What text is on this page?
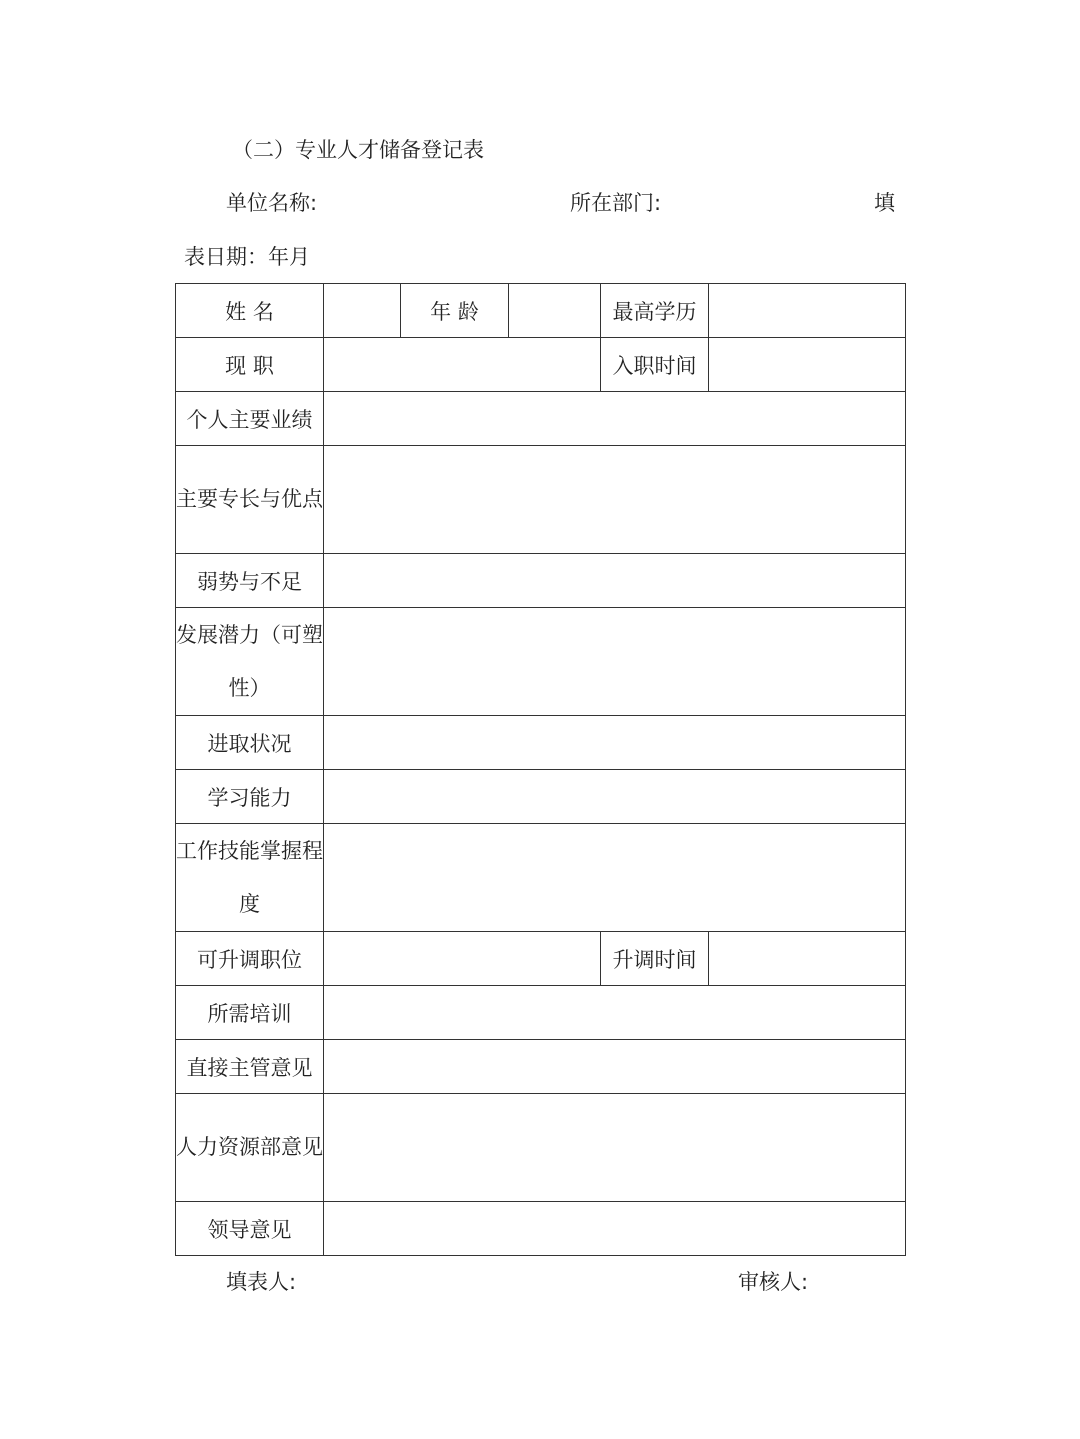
（二）专业人才储备登记表
单位名称:	所在部门:	填
表日期：年月
姓 名		年 龄		最高学历	
现 职				入职时间	
个人主要业绩					
主要专长与优点					
弱势与不足					
发展潜力（可塑性）					
进取状况					
学习能力					
工作技能掌握程度					
可升调职位				升调时间	
所需培训					
直接主管意见					
人力资源部意见					
领导意见					
填表人:	审核人:
